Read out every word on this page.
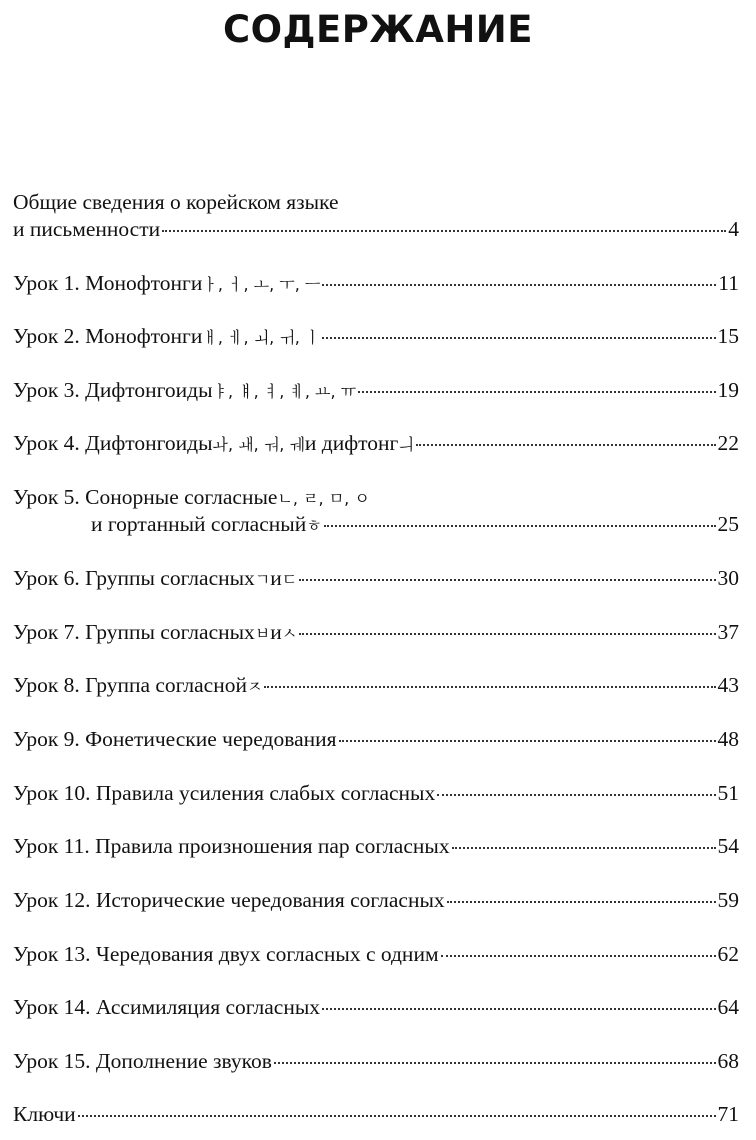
СОДЕРЖАНИЕ
Общие сведения о корейском языке
и письменности	4
Урок 1. Монофтонги ㅏ, ㅓ, ㅗ, ㅜ, ㅡ	11
Урок 2. Монофтонги ㅐ, ㅔ, ㅚ, ㅟ, ㅣ	15
Урок 3. Дифтонгоиды ㅑ, ㅒ, ㅕ, ㅖ, ㅛ, ㅠ	19
Урок 4. Дифтонгоиды ㅘ, ㅙ, ㅝ, ㅞ и дифтонг ㅢ	22
Урок 5. Сонорные согласные ㄴ, ㄹ, ㅁ, ㅇ
и гортанный согласный ㅎ	25
Урок 6. Группы согласных ㄱ и ㄷ	30
Урок 7. Группы согласных ㅂ и ㅅ	37
Урок 8. Группа согласной ㅈ	43
Урок 9. Фонетические чередования	48
Урок 10. Правила усиления слабых согласных	51
Урок 11. Правила произношения пар согласных	54
Урок 12. Исторические чередования согласных	59
Урок 13. Чередования двух согласных с одним	62
Урок 14. Ассимиляция согласных	64
Урок 15. Дополнение звуков	68
Ключи	71
